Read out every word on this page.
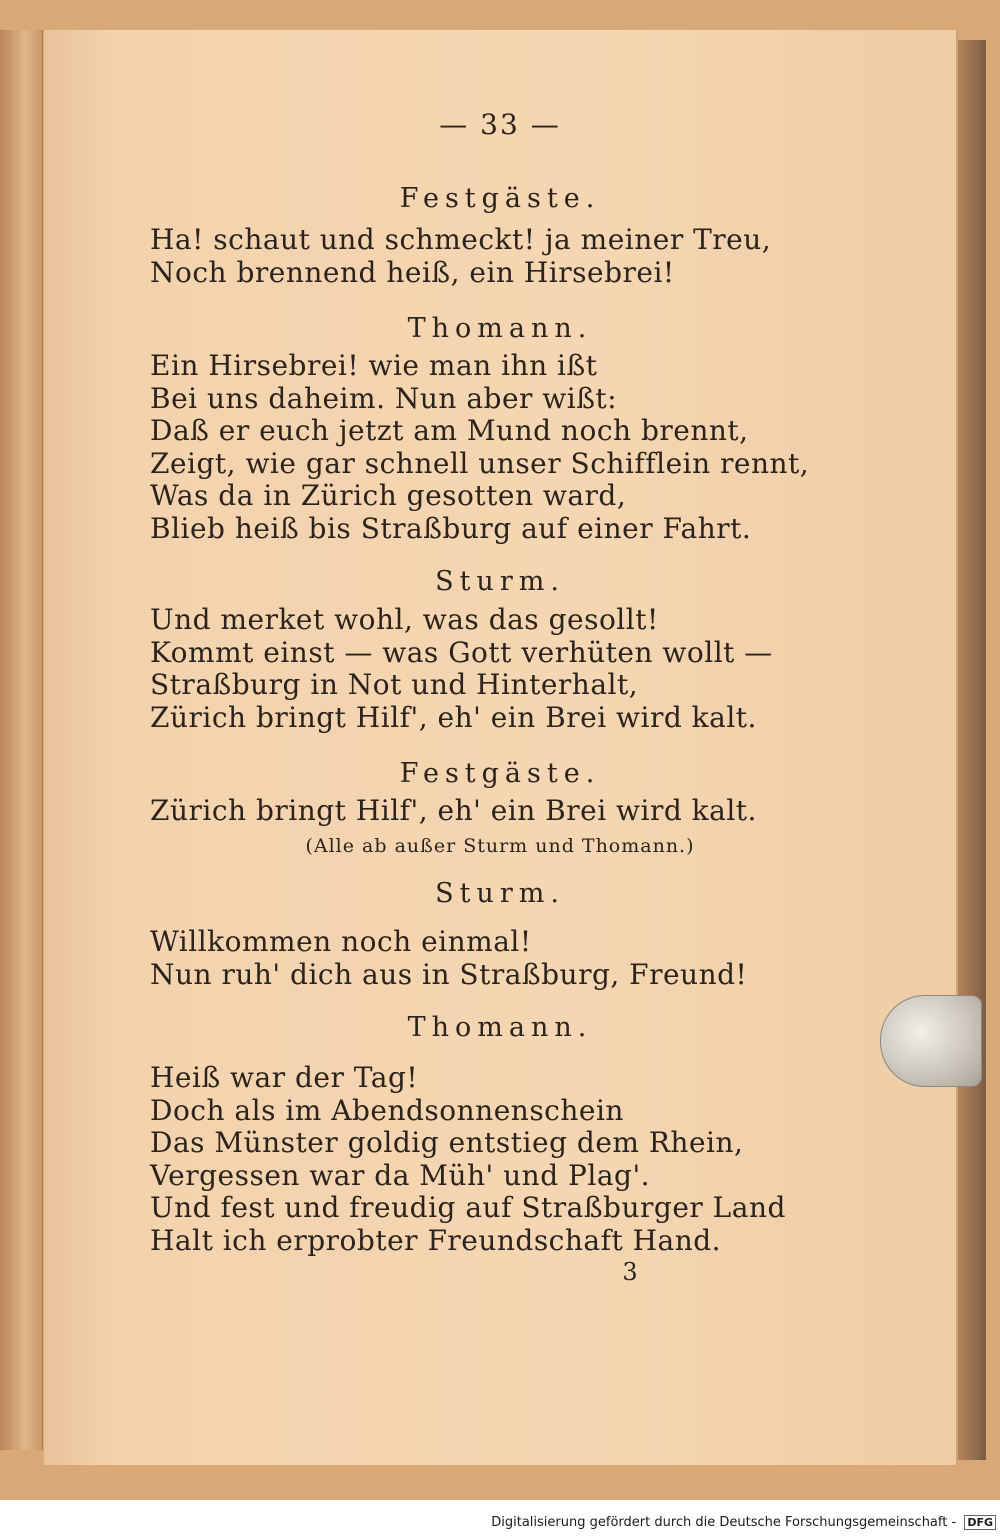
— 33 —
Festgäste.
Ha! schaut und schmeckt! ja meiner Treu,
Noch brennend heiß, ein Hirsebrei!
Thomann.
Ein Hirsebrei! wie man ihn ißt
Bei uns daheim. Nun aber wißt:
Daß er euch jetzt am Mund noch brennt,
Zeigt, wie gar schnell unser Schifflein rennt,
Was da in Zürich gesotten ward,
Blieb heiß bis Straßburg auf einer Fahrt.
Sturm.
Und merket wohl, was das gesollt!
Kommt einst — was Gott verhüten wollt —
Straßburg in Not und Hinterhalt,
Zürich bringt Hilf', eh' ein Brei wird kalt.
Festgäste.
Zürich bringt Hilf', eh' ein Brei wird kalt.
(Alle ab außer Sturm und Thomann.)
Sturm.
Willkommen noch einmal!
Nun ruh' dich aus in Straßburg, Freund!
Thomann.
Heiß war der Tag!
Doch als im Abendsonnenschein
Das Münster goldig entstieg dem Rhein,
Vergessen war da Müh' und Plag'.
Und fest und freudig auf Straßburger Land
Halt ich erprobter Freundschaft Hand.
3
Digitalisierung gefördert durch die Deutsche Forschungsgemeinschaft - DFG
